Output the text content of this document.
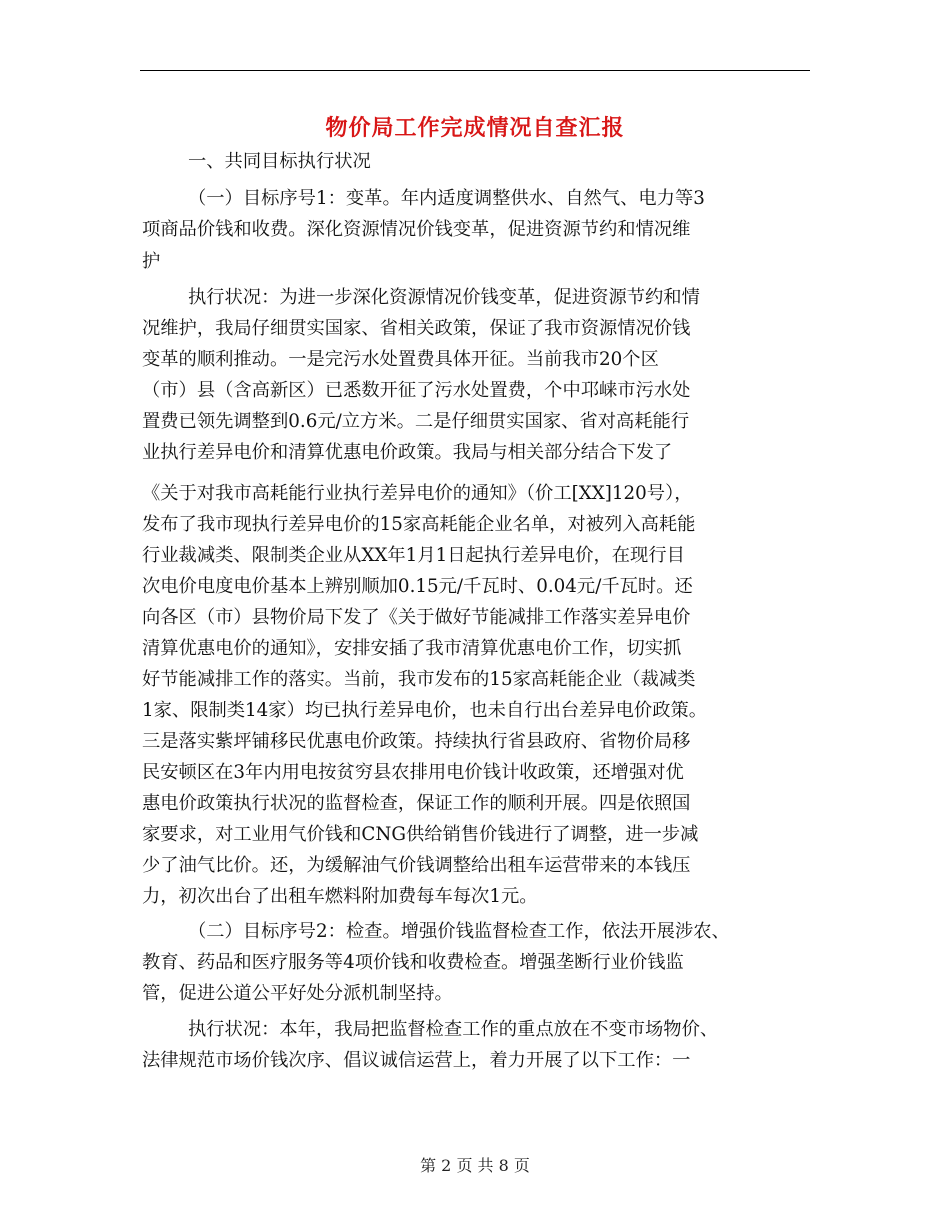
物价局工作完成情况自查汇报
一、共同目标执行状况
（一）目标序号1：变革。年内适度调整供水、自然气、电力等3
项商品价钱和收费。深化资源情况价钱变革，促进资源节约和情况维
护
执行状况：为进一步深化资源情况价钱变革，促进资源节约和情
况维护，我局仔细贯实国家、省相关政策，保证了我市资源情况价钱
变革的顺利推动。一是完污水处置费具体开征。当前我市20个区
（市）县（含高新区）已悉数开征了污水处置费，个中邛崃市污水处
置费已领先调整到0.6元/立方米。二是仔细贯实国家、省对高耗能行
业执行差异电价和清算优惠电价政策。我局与相关部分结合下发了
《关于对我市高耗能行业执行差异电价的通知》（价工[XX]120号），
发布了我市现执行差异电价的15家高耗能企业名单，对被列入高耗能
行业裁减类、限制类企业从XX年1月1日起执行差异电价，在现行目
次电价电度电价基本上辨别顺加0.15元/千瓦时、0.04元/千瓦时。还
向各区（市）县物价局下发了《关于做好节能减排工作落实差异电价
清算优惠电价的通知》，安排安插了我市清算优惠电价工作，切实抓
好节能减排工作的落实。当前，我市发布的15家高耗能企业（裁减类
1家、限制类14家）均已执行差异电价，也未自行出台差异电价政策。
三是落实紫坪铺移民优惠电价政策。持续执行省县政府、省物价局移
民安顿区在3年内用电按贫穷县农排用电价钱计收政策，还增强对优
惠电价政策执行状况的监督检查，保证工作的顺利开展。四是依照国
家要求，对工业用气价钱和CNG供给销售价钱进行了调整，进一步减
少了油气比价。还，为缓解油气价钱调整给出租车运营带来的本钱压
力，初次出台了出租车燃料附加费每车每次1元。
（二）目标序号2：检查。增强价钱监督检查工作，依法开展涉农、
教育、药品和医疗服务等4项价钱和收费检查。增强垄断行业价钱监
管，促进公道公平好处分派机制坚持。
执行状况：本年，我局把监督检查工作的重点放在不变市场物价、
法律规范市场价钱次序、倡议诚信运营上，着力开展了以下工作：一
第 2 页 共 8 页
